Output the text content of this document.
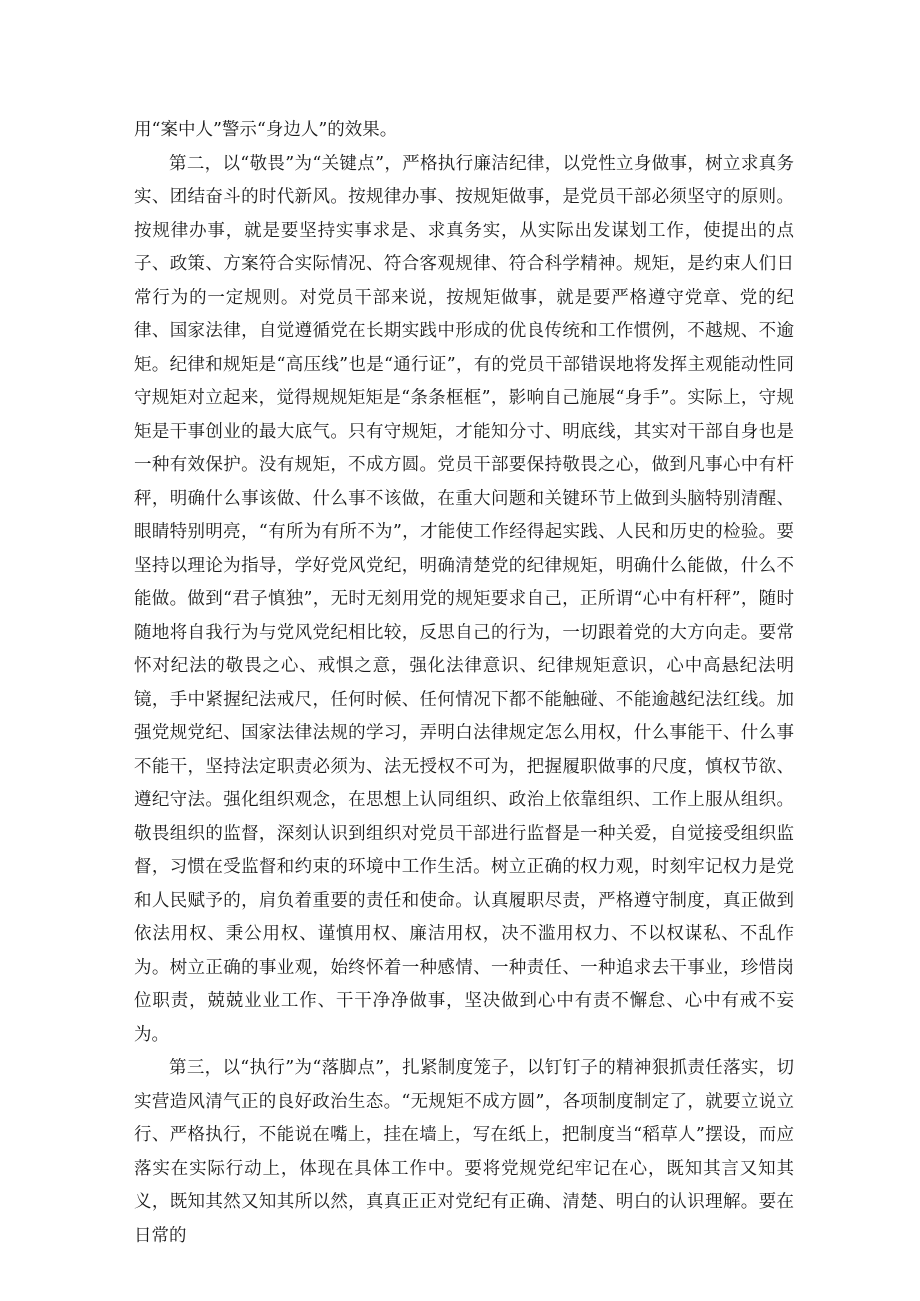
用“案中人”警示“身边人”的效果。

第二，以“敬畏”为“关键点”，严格执行廉洁纪律，以党性立身做事，树立求真务实、团结奋斗的时代新风。按规律办事、按规矩做事，是党员干部必须坚守的原则。按规律办事，就是要坚持实事求是、求真务实，从实际出发谋划工作，使提出的点子、政策、方案符合实际情况、符合客观规律、符合科学精神。规矩，是约束人们日常行为的一定规则。对党员干部来说，按规矩做事，就是要严格遵守党章、党的纪律、国家法律，自觉遵循党在长期实践中形成的优良传统和工作惯例，不越规、不逾矩。纪律和规矩是“高压线”也是“通行证”，有的党员干部错误地将发挥主观能动性同守规矩对立起来，觉得规规矩矩是“条条框框”，影响自己施展“身手”。实际上，守规矩是干事创业的最大底气。只有守规矩，才能知分寸、明底线，其实对干部自身也是一种有效保护。没有规矩，不成方圆。党员干部要保持敬畏之心，做到凡事心中有杆秤，明确什么事该做、什么事不该做，在重大问题和关键环节上做到头脑特别清醒、眼睛特别明亮，“有所为有所不为”，才能使工作经得起实践、人民和历史的检验。要坚持以理论为指导，学好党风党纪，明确清楚党的纪律规矩，明确什么能做，什么不能做。做到“君子慎独”，无时无刻用党的规矩要求自己，正所谓“心中有杆秤”，随时随地将自我行为与党风党纪相比较，反思自己的行为，一切跟着党的大方向走。要常怀对纪法的敬畏之心、戒惧之意，强化法律意识、纪律规矩意识，心中高悬纪法明镜，手中紧握纪法戒尺，任何时候、任何情况下都不能触碰、不能逾越纪法红线。加强党规党纪、国家法律法规的学习，弄明白法律规定怎么用权，什么事能干、什么事不能干，坚持法定职责必须为、法无授权不可为，把握履职做事的尺度，慎权节欲、遵纪守法。强化组织观念，在思想上认同组织、政治上依靠组织、工作上服从组织。敬畏组织的监督，深刻认识到组织对党员干部进行监督是一种关爱，自觉接受组织监督，习惯在受监督和约束的环境中工作生活。树立正确的权力观，时刻牢记权力是党和人民赋予的，肩负着重要的责任和使命。认真履职尽责，严格遵守制度，真正做到依法用权、秉公用权、谨慎用权、廉洁用权，决不滥用权力、不以权谋私、不乱作为。树立正确的事业观，始终怀着一种感情、一种责任、一种追求去干事业，珍惜岗位职责，兢兢业业工作、干干净净做事，坚决做到心中有责不懈怠、心中有戒不妄为。

第三，以“执行”为“落脚点”，扎紧制度笼子，以钉钉子的精神狠抓责任落实，切实营造风清气正的良好政治生态。“无规矩不成方圆”，各项制度制定了，就要立说立行、严格执行，不能说在嘴上，挂在墙上，写在纸上，把制度当“稻草人”摆设，而应落实在实际行动上，体现在具体工作中。要将党规党纪牢记在心，既知其言又知其义，既知其然又知其所以然，真真正正对党纪有正确、清楚、明白的认识理解。要在日常的
